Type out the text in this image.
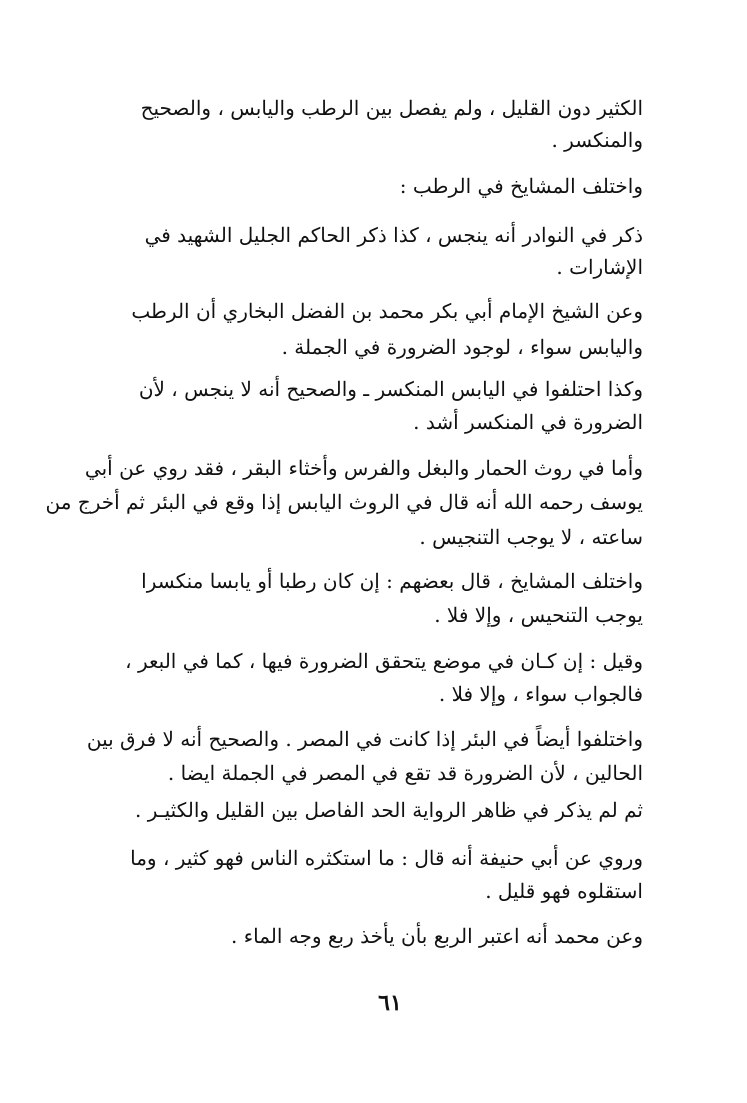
الكثير دون القليل ، ولم يفصل بين الرطب واليابس ، والصحيح
والمنكسر .
واختلف المشايخ في الرطب :
ذكر في النوادر أنه ينجس ، كذا ذكر الحاكم الجليل الشهيد في
الإشارات .
وعن الشيخ الإمام أبي بكر محمد بن الفضل البخاري أن الرطب
واليابس سواء ، لوجود الضرورة في الجملة .
وكذا احتلفوا في اليابس المنكسر ـ والصحيح أنه لا ينجس ، لأن
الضرورة في المنكسر أشد .
وأما في روث الحمار والبغل والفرس وأخثاء البقر ، فقد روي عن أبي
يوسف رحمه الله أنه قال في الروث اليابس إذا وقع في البئر ثم أخرج من
ساعته ، لا يوجب التنجيس .
واختلف المشايخ ، قال بعضهم : إن كان رطبا أو يابسا منكسرا
يوجب التنحيس ، وإلا فلا .
وقيل : إن كـان في موضع يتحقق الضرورة فيها ، كما في البعر ،
فالجواب سواء ، وإلا فلا .
واختلفوا أيضاً في البئر إذا كانت في المصر . والصحيح أنه لا فرق بين
الحالين ، لأن الضرورة قد تقع في المصر في الجملة ايضا .
ثم لم يذكر في ظاهر الرواية الحد الفاصل بين القليل والكثيـر .
وروي عن أبي حنيفة أنه قال : ما استكثره الناس فهو كثير ، وما
استقلوه فهو قليل .
وعن محمد أنه اعتبر الربع بأن يأخذ ربع وجه الماء .
٦١
